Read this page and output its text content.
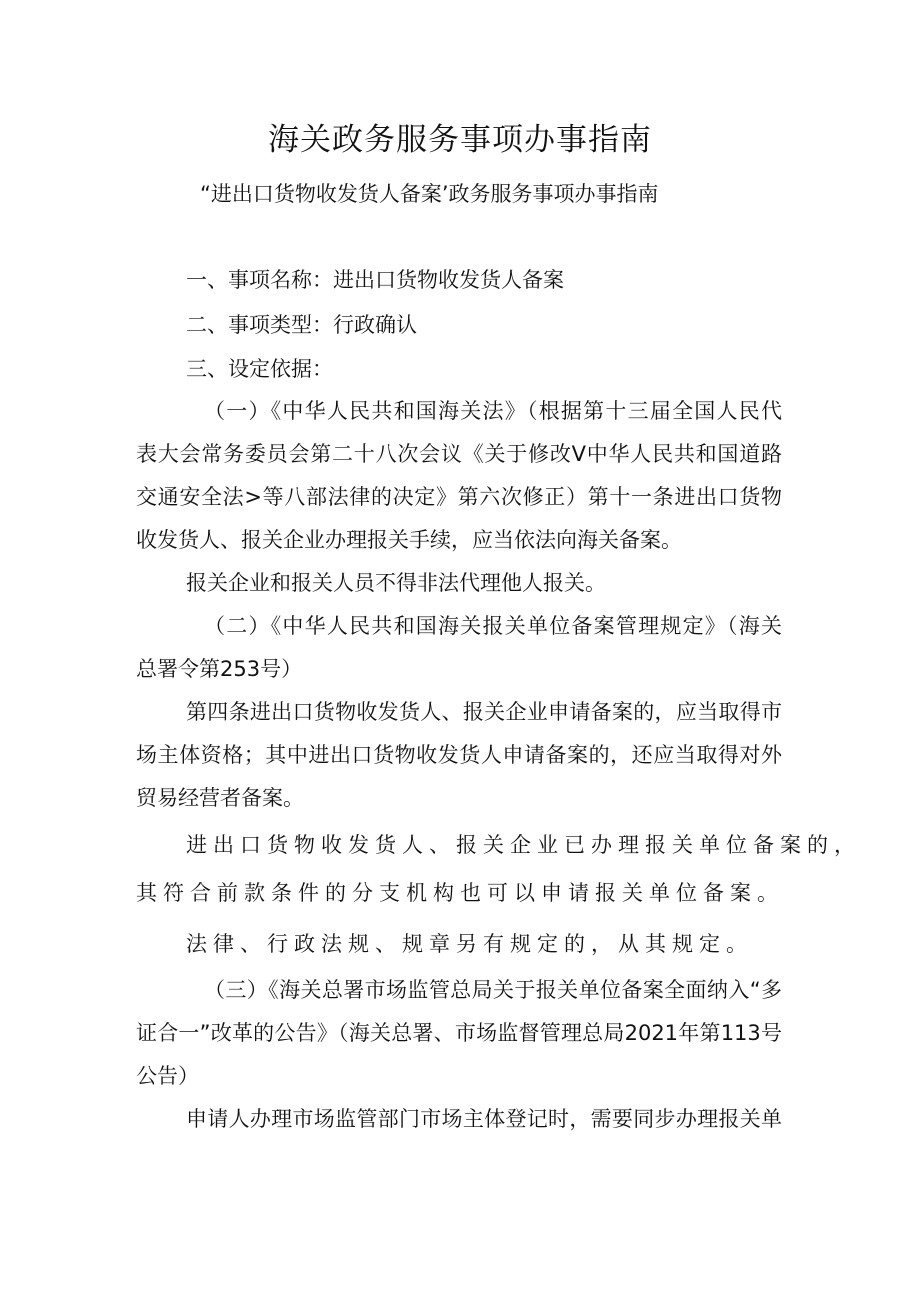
海关政务服务事项办事指南
“进出口货物收发货人备案’政务服务事项办事指南
一、事项名称：进出口货物收发货人备案
二、事项类型：行政确认
三、设定依据：
（一）《中华人民共和国海关法》（根据第十三届全国人民代
表大会常务委员会第二十八次会议《关于修改V中华人民共和国道路
交通安全法>等八部法律的决定》第六次修正）第十一条进出口货物
收发货人、报关企业办理报关手续，应当依法向海关备案。
报关企业和报关人员不得非法代理他人报关。
（二）《中华人民共和国海关报关单位备案管理规定》（海关
总署令第253号）
第四条进出口货物收发货人、报关企业申请备案的，应当取得市
场主体资格；其中进出口货物收发货人申请备案的，还应当取得对外
贸易经营者备案。
进出口货物收发货人、报关企业已办理报关单位备案的，
其符合前款条件的分支机构也可以申请报关单位备案。
法律、行政法规、规章另有规定的，从其规定。
（三）《海关总署市场监管总局关于报关单位备案全面纳入“多
证合一”改革的公告》（海关总署、市场监督管理总局2021年第113号
公告）
申请人办理市场监管部门市场主体登记时，需要同步办理报关单
